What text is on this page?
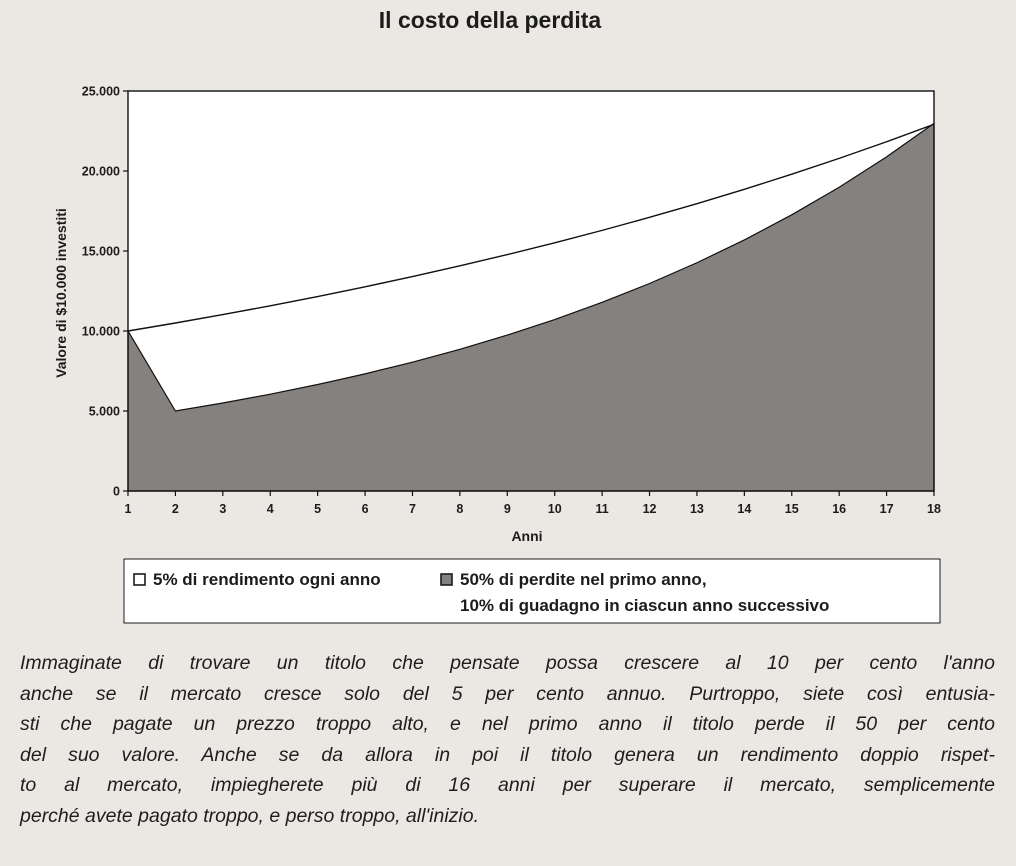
Il costo della perdita
0
5.000
10.000
15.000
20.000
25.000
1	2	3	4	5	6	7	8	9	10	11	12	13	14	15	16	17	18
Anni
Valore di $10.000 investiti
5% di rendimento ogni anno	50% di perdite nel primo anno,
10% di guadagno in ciascun anno successivo
Immaginate di trovare un titolo che pensate possa crescere al 10 per cento l'anno
anche se il mercato cresce solo del 5 per cento annuo. Purtroppo, siete così entusia-
sti che pagate un prezzo troppo alto, e nel primo anno il titolo perde il 50 per cento
del suo valore. Anche se da allora in poi il titolo genera un rendimento doppio rispet-
to al mercato, impiegherete più di 16 anni per superare il mercato, semplicemente
perché avete pagato troppo, e perso troppo, all'inizio.
